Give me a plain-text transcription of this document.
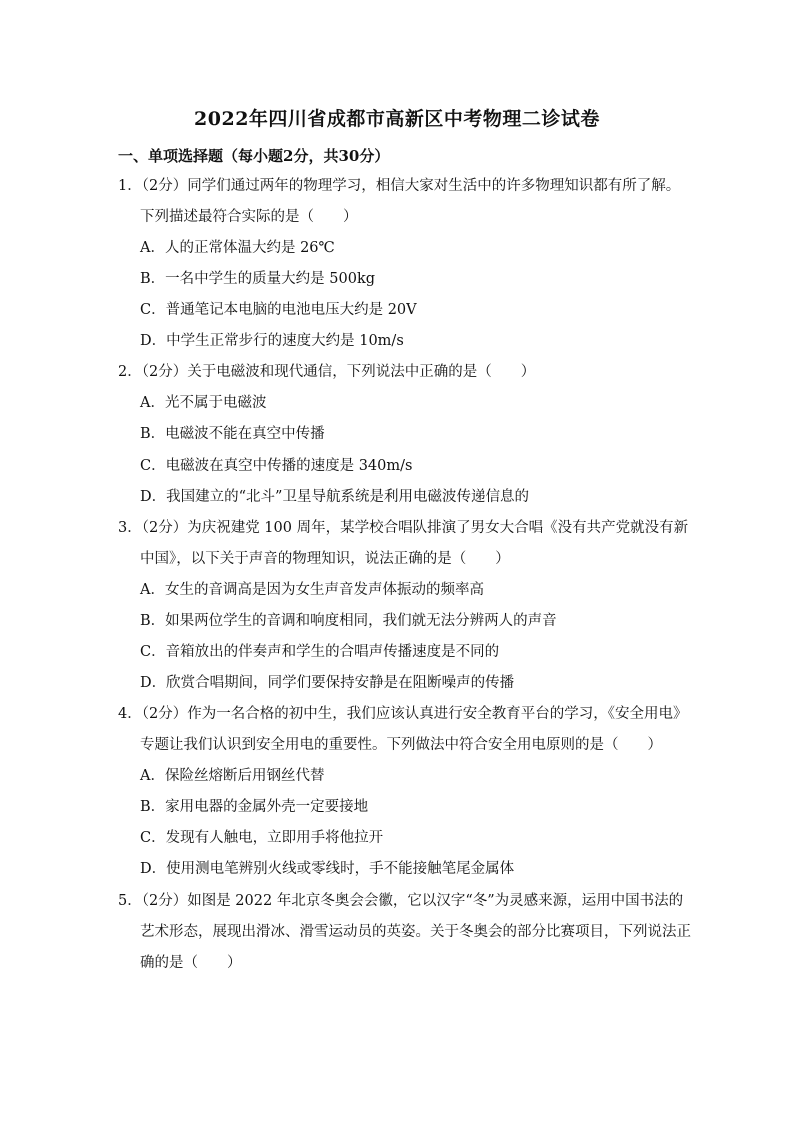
2022年四川省成都市高新区中考物理二诊试卷
一、单项选择题（每小题2分，共30分）
1．（2分）同学们通过两年的物理学习，相信大家对生活中的许多物理知识都有所了解。
下列描述最符合实际的是（　　）
A．人的正常体温大约是 26℃
B．一名中学生的质量大约是 500kg
C．普通笔记本电脑的电池电压大约是 20V
D．中学生正常步行的速度大约是 10m/s
2．（2分）关于电磁波和现代通信，下列说法中正确的是（　　）
A．光不属于电磁波
B．电磁波不能在真空中传播
C．电磁波在真空中传播的速度是 340m/s
D．我国建立的“北斗”卫星导航系统是利用电磁波传递信息的
3．（2分）为庆祝建党 100 周年，某学校合唱队排演了男女大合唱《没有共产党就没有新
中国》，以下关于声音的物理知识，说法正确的是（　　）
A．女生的音调高是因为女生声音发声体振动的频率高
B．如果两位学生的音调和响度相同，我们就无法分辨两人的声音
C．音箱放出的伴奏声和学生的合唱声传播速度是不同的
D．欣赏合唱期间，同学们要保持安静是在阻断噪声的传播
4．（2分）作为一名合格的初中生，我们应该认真进行安全教育平台的学习，《安全用电》
专题让我们认识到安全用电的重要性。下列做法中符合安全用电原则的是（　　）
A．保险丝熔断后用钢丝代替
B．家用电器的金属外壳一定要接地
C．发现有人触电，立即用手将他拉开
D．使用测电笔辨别火线或零线时，手不能接触笔尾金属体
5．（2分）如图是 2022 年北京冬奥会会徽，它以汉字“冬”为灵感来源，运用中国书法的
艺术形态，展现出滑冰、滑雪运动员的英姿。关于冬奥会的部分比赛项目，下列说法正
确的是（　　）
